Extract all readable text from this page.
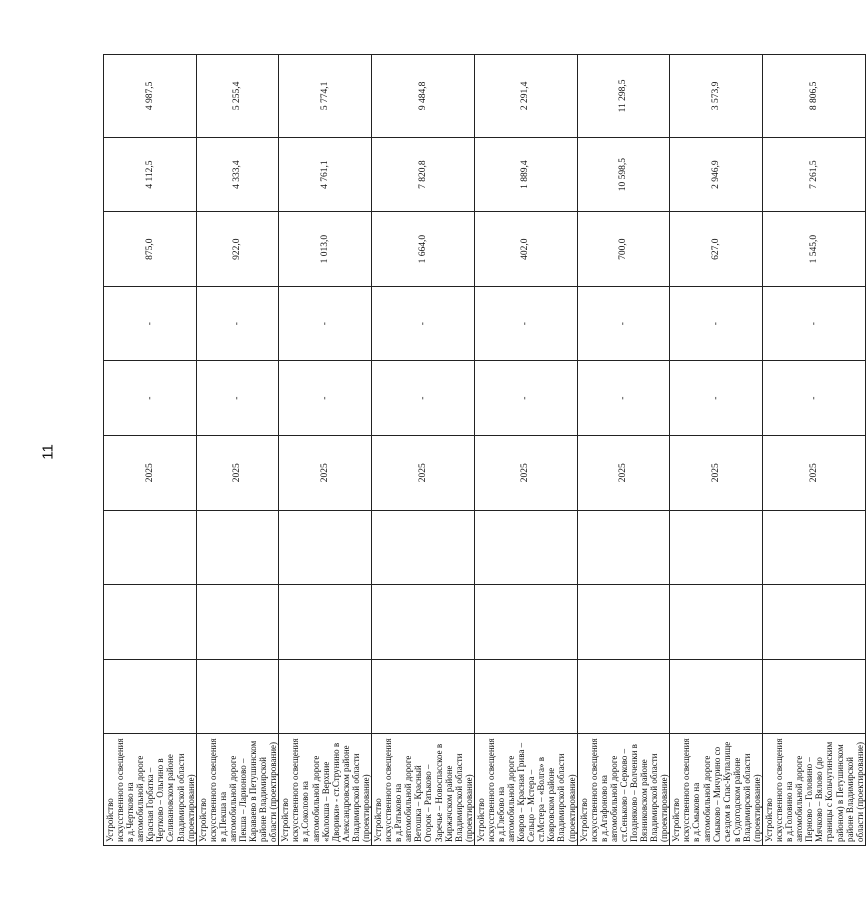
11
Устройство искусственного освещения в д.Чертково на автомобильной дороге Красная Горбатка – Чертково – Ольгино в Селивановском районе Владимирской области (проектирование)				2025	-	-	875,0	4 112,5	4 987,5
Устройство искусственного освещения в д.Пекша на автомобильной дороге Пекша – Ларионово – Караваево в Петушинском районе Владимирской области (проектирование)				2025	-	-	922,0	4 333,4	5 255,4
Устройство искусственного освещения в д.Соколово на автомобильной дороге «Колокша – Верхние Дворики» - ст.Струнино в Александровском районе Владимирской области (проектирование)				2025	-	-	1 013,0	4 761,1	5 774,1
Устройство искусственного освещения в д.Ратьково на автомобильной дороге Ветошка – Красный Огорок – Ратьково – Заречье – Новоспасское в Киржачском районе Владимирской области (проектирование)				2025	-	-	1 664,0	7 820,8	9 484,8
Устройство искусственного освещения в д.Глебово на автомобильной дороге Ковров – Красная Грива – Сельцо – Мстера – ст.Мстера – «Волга» в Ковровском районе Владимирской области (проектирование)				2025	-	-	402,0	1 889,4	2 291,4
Устройство искусственного освещения в д.Агафоново на автомобильной дороге ст.Сеньково – Серково – Поздняково – Волченки в Вязниковском районе Владимирской области (проектирование)				2025	-	-	700,0	10 598,5	11 298,5
Устройство искусственного освещения в д.Смыково на автомобильной дороге Смыково – Мичурино со съездом в Спас-Купалище в Судогодском районе Владимирской области (проектирование)				2025	-	-	627,0	2 946,9	3 573,9
Устройство искусственного освещения в д.Головино на автомобильной дороге Перново – Головино – Мячково – Вялово (до границы с Кольчугинским районом) в Петушинском районе Владимирской области (проектирование)				2025	-	-	1 545,0	7 261,5	8 806,5
